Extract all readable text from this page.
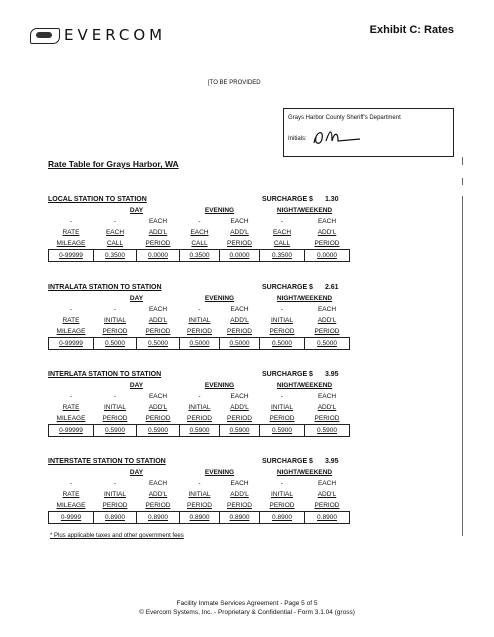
EVERCOM	Exhibit C: Rates
[TO BE PROVIDED
Grays Harbor County Sheriff's Department
Initials:
Rate Table for Grays Harbor, WA
LOCAL STATION TO STATION	SURCHARGE $ 1.30
	DAY		EVENING		NIGHT/WEEKEND	
-	-	EACH	-	EACH	-	EACH
RATE	EACH	ADD'L	EACH	ADD'L	EACH	ADD'L
MILEAGE	CALL	PERIOD	CALL	PERIOD	CALL	PERIOD
0-99999	0.3500	0.0000	0.3500	0.0000	0.3500	0.0000
INTRALATA STATION TO STATION	SURCHARGE $ 2.61
	DAY		EVENING		NIGHT/WEEKEND	
-	-	EACH	-	EACH	-	EACH
RATE	INITIAL	ADD'L	INITIAL	ADD'L	INITIAL	ADD'L
MILEAGE	PERIOD	PERIOD	PERIOD	PERIOD	PERIOD	PERIOD
0-99999	0.5000	0.5000	0.5000	0.5000	0.5000	0.5000
INTERLATA STATION TO STATION	SURCHARGE $ 3.95
	DAY		EVENING		NIGHT/WEEKEND	
-	-	EACH	-	EACH	-	EACH
RATE	INITIAL	ADD'L	INITIAL	ADD'L	INITIAL	ADD'L
MILEAGE	PERIOD	PERIOD	PERIOD	PERIOD	PERIOD	PERIOD
0-99999	0.5900	0.5900	0.5900	0.5900	0.5900	0.5900
INTERSTATE STATION TO STATION	SURCHARGE $ 3.95
	DAY		EVENING		NIGHT/WEEKEND	
-	-	EACH	-	EACH	-	EACH
RATE	INITIAL	ADD'L	INITIAL	ADD'L	INITIAL	ADD'L
MILEAGE	PERIOD	PERIOD	PERIOD	PERIOD	PERIOD	PERIOD
0-9999	0.8900	0.8900	0.8900	0.8900	0.8900	0.8900
* Plus applicable taxes and other government fees
Facility Inmate Services Agreement - Page 5 of 5
© Evercom Systems, Inc. - Proprietary & Confidential - Form 3.1.04 (gross)
